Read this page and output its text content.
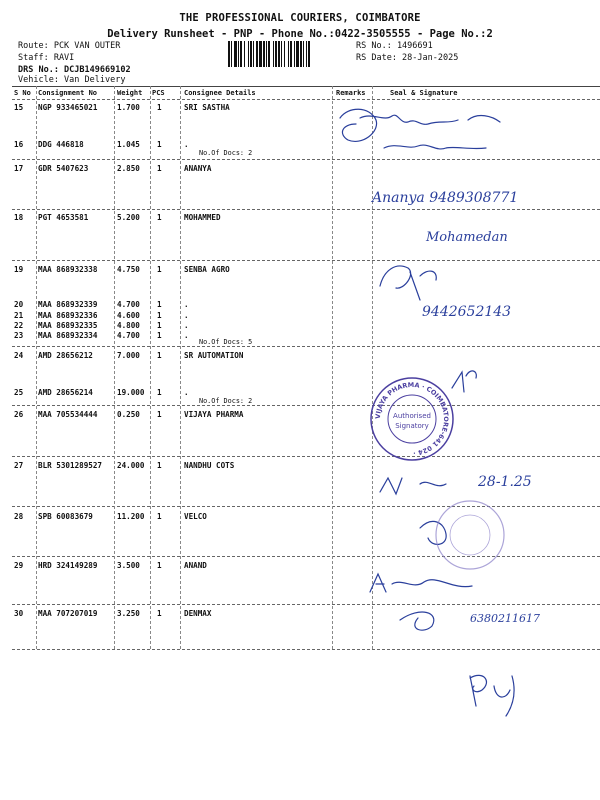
THE PROFESSIONAL COURIERS, COIMBATORE
Delivery Runsheet - PNP - Phone No.:0422-3505555 - Page No.:2
Route: PCK VAN OUTER
Staff: RAVI
DRS No.: DCJB149669102
Vehicle: Van Delivery
RS No.: 1496691
RS Date: 28-Jan-2025
S No Consignment No	Weight PCS	Consignee Details	Remarks	Seal & Signature
15 NGP 933465021	1.700 1	SRI SASTHA
16 DDG 446818	1.045 1	.
No.Of Docs: 2
17 GDR 5407623	2.850 1	ANANYA
18 PGT 4653581	5.200 1	MOHAMMED
19 MAA 868932338	4.750 1	SENBA AGRO
20 MAA 868932339	4.700 1	.
21 MAA 868932336	4.600 1	.
22 MAA 868932335	4.800 1	.
23 MAA 868932334	4.700 1	.
No.Of Docs: 5
24 AMD 28656212	7.000 1	SR AUTOMATION
25 AMD 28656214	19.000 1	.
No.Of Docs: 2
26 MAA 705534444	0.250 1	VIJAYA PHARMA
27 BLR 5301289527 24.000 1	NANDHU COTS
28 SPB 60083679	11.200 1	VELCO
29 HRD 324149289	3.500 1	ANAND
30 MAA 707207019	3.250 1	DENMAX
VIJAYA PHARMA · COIMBATORE-641 024 ·
Authorised
Signatory
Ananya 9489308771
Mohamedan
9442652143
28-1.25
6380211617
